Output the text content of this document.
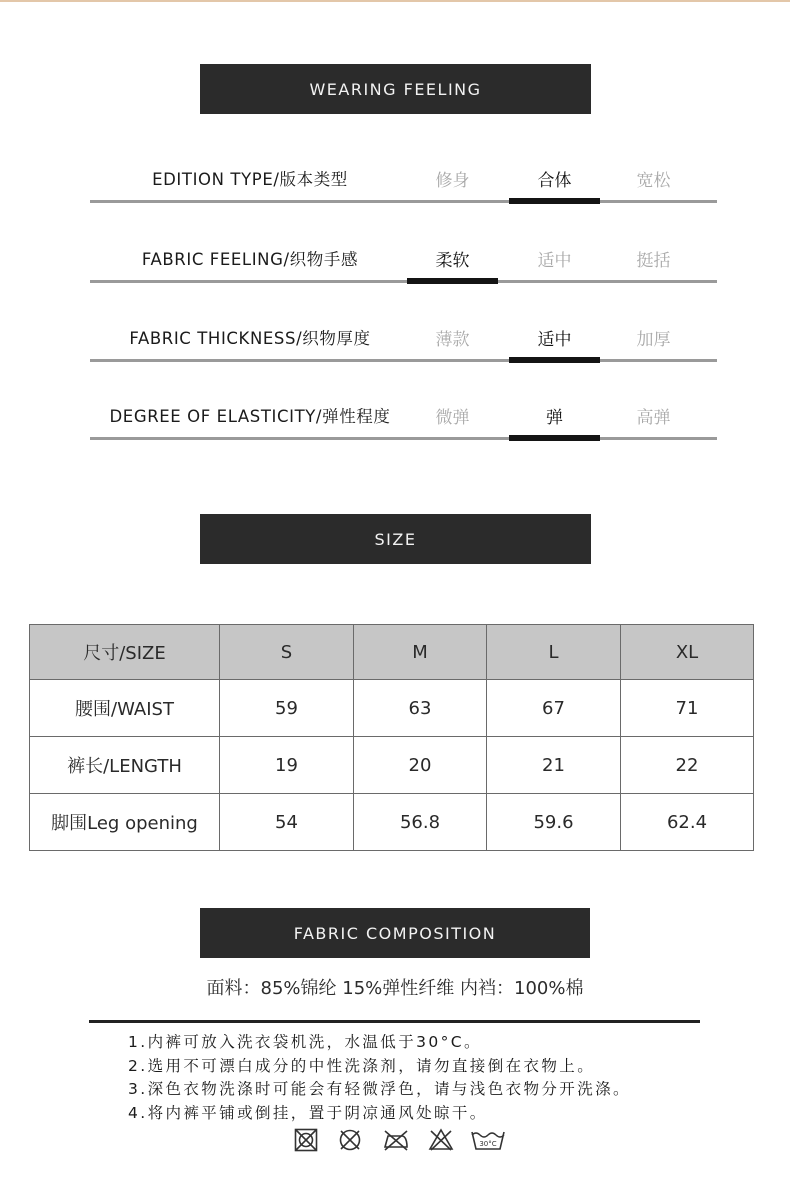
WEARING FEELING
EDITION TYPE/版本类型	修身	合体	宽松
FABRIC FEELING/织物手感	柔软	适中	挺括
FABRIC THICKNESS/织物厚度	薄款	适中	加厚
DEGREE OF ELASTICITY/弹性程度	微弹	弹	高弹
SIZE
尺寸/SIZE	S	M	L	XL
腰围/WAIST	59	63	67	71
裤长/LENGTH	19	20	21	22
脚围Leg opening	54	56.8	59.6	62.4
FABRIC COMPOSITION
面料：85%锦纶 15%弹性纤维 内裆：100%棉
1.内裤可放入洗衣袋机洗，水温低于30°C。
2.选用不可漂白成分的中性洗涤剂，请勿直接倒在衣物上。
3.深色衣物洗涤时可能会有轻微浮色，请与浅色衣物分开洗涤。
4.将内裤平铺或倒挂，置于阴凉通风处晾干。
30°C
